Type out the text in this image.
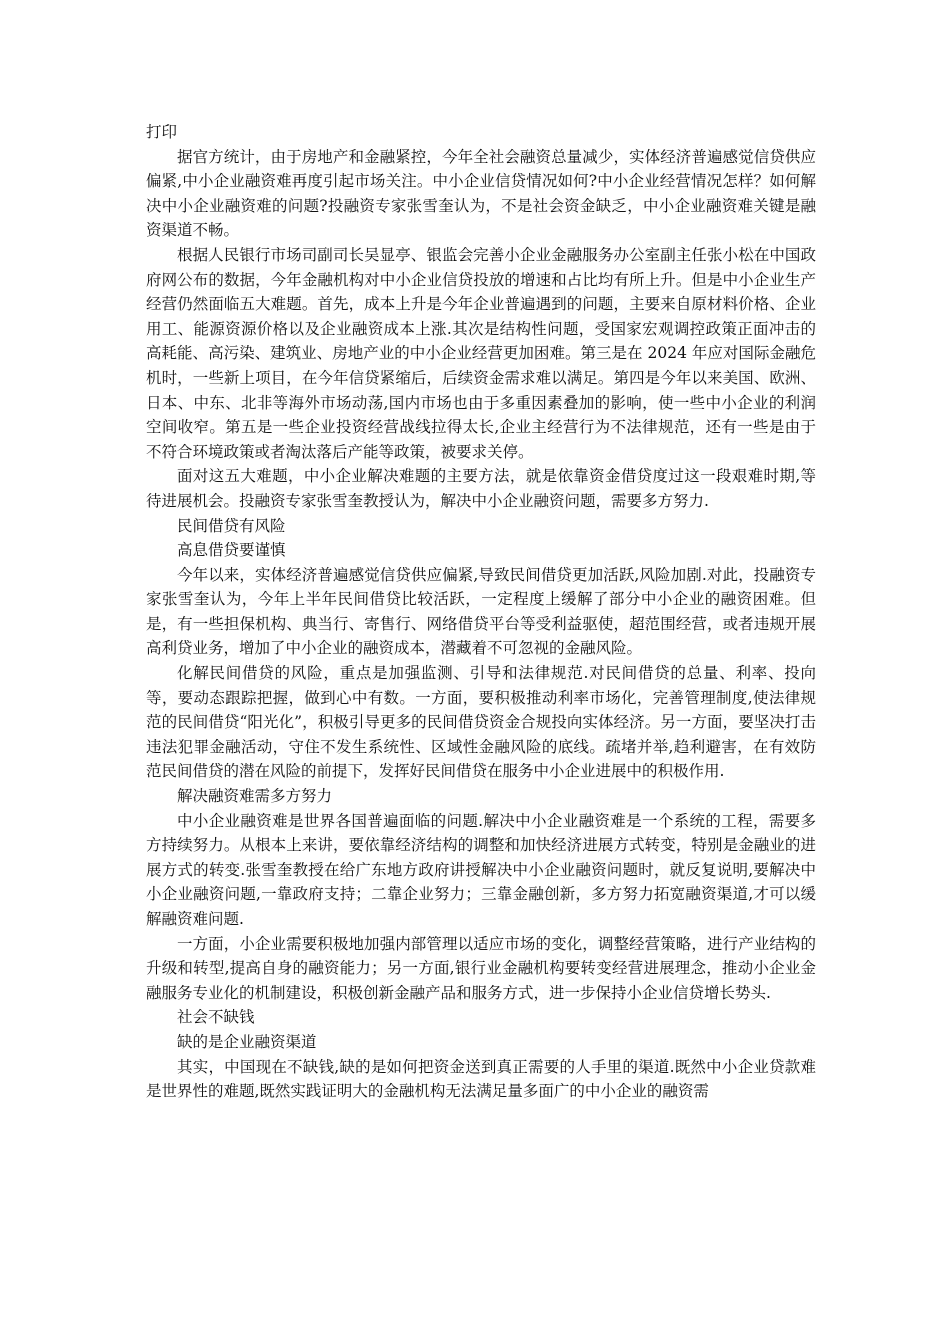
打印

据官方统计，由于房地产和金融紧控，今年全社会融资总量减少，实体经济普遍感觉信贷供应偏紧,中小企业融资难再度引起市场关注。中小企业信贷情况如何?中小企业经营情况怎样？如何解决中小企业融资难的问题?投融资专家张雪奎认为，不是社会资金缺乏，中小企业融资难关键是融资渠道不畅。

根据人民银行市场司副司长吴显亭、银监会完善小企业金融服务办公室副主任张小松在中国政府网公布的数据，今年金融机构对中小企业信贷投放的增速和占比均有所上升。但是中小企业生产经营仍然面临五大难题。首先，成本上升是今年企业普遍遇到的问题，主要来自原材料价格、企业用工、能源资源价格以及企业融资成本上涨.其次是结构性问题，受国家宏观调控政策正面冲击的高耗能、高污染、建筑业、房地产业的中小企业经营更加困难。第三是在 2024 年应对国际金融危机时，一些新上项目，在今年信贷紧缩后，后续资金需求难以满足。第四是今年以来美国、欧洲、日本、中东、北非等海外市场动荡,国内市场也由于多重因素叠加的影响，使一些中小企业的利润空间收窄。第五是一些企业投资经营战线拉得太长,企业主经营行为不法律规范，还有一些是由于不符合环境政策或者淘汰落后产能等政策，被要求关停。

面对这五大难题，中小企业解决难题的主要方法，就是依靠资金借贷度过这一段艰难时期,等待进展机会。投融资专家张雪奎教授认为，解决中小企业融资问题，需要多方努力.

民间借贷有风险

高息借贷要谨慎

今年以来，实体经济普遍感觉信贷供应偏紧,导致民间借贷更加活跃,风险加剧.对此，投融资专家张雪奎认为，今年上半年民间借贷比较活跃，一定程度上缓解了部分中小企业的融资困难。但是，有一些担保机构、典当行、寄售行、网络借贷平台等受利益驱使，超范围经营，或者违规开展高利贷业务，增加了中小企业的融资成本，潜藏着不可忽视的金融风险。

化解民间借贷的风险，重点是加强监测、引导和法律规范.对民间借贷的总量、利率、投向等，要动态跟踪把握，做到心中有数。一方面，要积极推动利率市场化，完善管理制度,使法律规范的民间借贷“阳光化”，积极引导更多的民间借贷资金合规投向实体经济。另一方面，要坚决打击违法犯罪金融活动，守住不发生系统性、区域性金融风险的底线。疏堵并举,趋利避害，在有效防范民间借贷的潜在风险的前提下，发挥好民间借贷在服务中小企业进展中的积极作用.

解决融资难需多方努力

中小企业融资难是世界各国普遍面临的问题.解决中小企业融资难是一个系统的工程，需要多方持续努力。从根本上来讲，要依靠经济结构的调整和加快经济进展方式转变，特别是金融业的进展方式的转变.张雪奎教授在给广东地方政府讲授解决中小企业融资问题时，就反复说明,要解决中小企业融资问题,一靠政府支持；二靠企业努力；三靠金融创新，多方努力拓宽融资渠道,才可以缓解融资难问题.

一方面，小企业需要积极地加强内部管理以适应市场的变化，调整经营策略，进行产业结构的升级和转型,提高自身的融资能力；另一方面,银行业金融机构要转变经营进展理念，推动小企业金融服务专业化的机制建设，积极创新金融产品和服务方式，进一步保持小企业信贷增长势头.

社会不缺钱

缺的是企业融资渠道

其实，中国现在不缺钱,缺的是如何把资金送到真正需要的人手里的渠道.既然中小企业贷款难是世界性的难题,既然实践证明大的金融机构无法满足量多面广的中小企业的融资需
